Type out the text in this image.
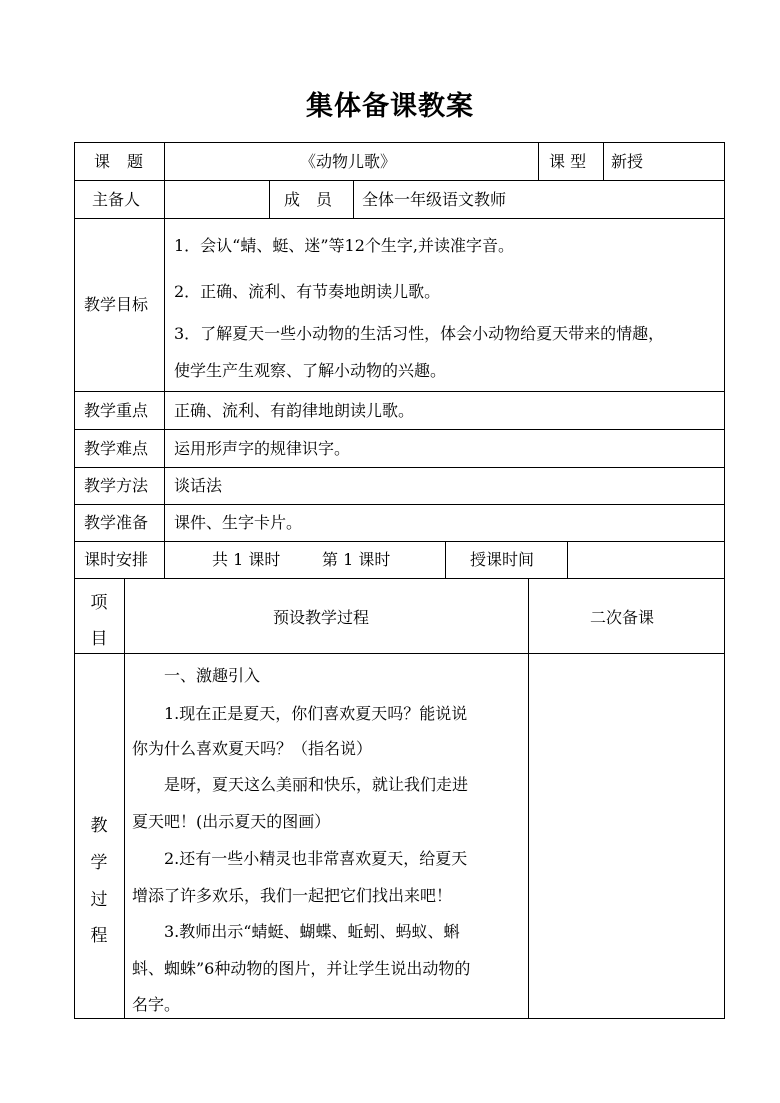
集体备课教案
课　题	《动物儿歌》	课 型 新授
主备人	成　员 全体一年级语文教师
教学目标
1．会认“蜻、蜓、迷”等12个生字,并读准字音。
2．正确、流利、有节奏地朗读儿歌。
3．了解夏天一些小动物的生活习性，体会小动物给夏天带来的情趣，
使学生产生观察、了解小动物的兴趣。
教学重点 正确、流利、有韵律地朗读儿歌。
教学难点 运用形声字的规律识字。
教学方法 谈话法
教学准备 课件、生字卡片。
课时安排	共 1 课时	第 1 课时	授课时间
项
目
预设教学过程	二次备课
教
学
过
程
　　一、激趣引入
　　1.现在正是夏天，你们喜欢夏天吗？能说说
你为什么喜欢夏天吗？（指名说）
　　是呀，夏天这么美丽和快乐，就让我们走进
夏天吧！(出示夏天的图画）
　　2.还有一些小精灵也非常喜欢夏天，给夏天
增添了许多欢乐，我们一起把它们找出来吧！
　　3.教师出示“蜻蜓、蝴蝶、蚯蚓、蚂蚁、蝌
蚪、蜘蛛”6种动物的图片，并让学生说出动物的
名字。
